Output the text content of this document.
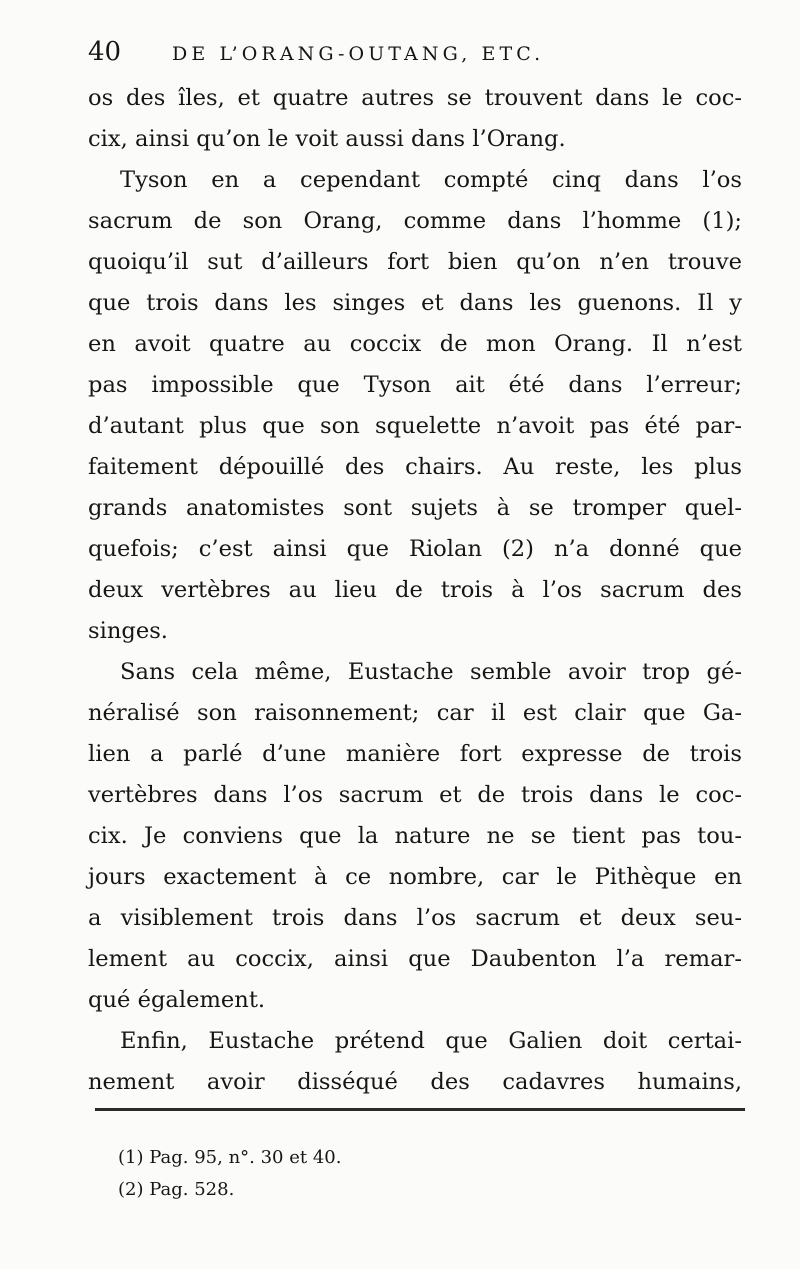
40	DE L’ORANG-OUTANG, ETC.
os des îles, et quatre autres se trouvent dans le coc-
cix, ainsi qu’on le voit aussi dans l’Orang.
Tyson en a cependant compté cinq dans l’os
sacrum de son Orang, comme dans l’homme (1);
quoiqu’il sut d’ailleurs fort bien qu’on n’en trouve
que trois dans les singes et dans les guenons. Il y
en avoit quatre au coccix de mon Orang. Il n’est
pas impossible que Tyson ait été dans l’erreur;
d’autant plus que son squelette n’avoit pas été par-
faitement dépouillé des chairs. Au reste, les plus
grands anatomistes sont sujets à se tromper quel-
quefois; c’est ainsi que Riolan (2) n’a donné que
deux vertèbres au lieu de trois à l’os sacrum des
singes.
Sans cela même, Eustache semble avoir trop gé-
néralisé son raisonnement; car il est clair que Ga-
lien a parlé d’une manière fort expresse de trois
vertèbres dans l’os sacrum et de trois dans le coc-
cix. Je conviens que la nature ne se tient pas tou-
jours exactement à ce nombre, car le Pithèque en
a visiblement trois dans l’os sacrum et deux seu-
lement au coccix, ainsi que Daubenton l’a remar-
qué également.
Enfin, Eustache prétend que Galien doit certai-
nement avoir disséqué des cadavres humains,
(1) Pag. 95, n°. 30 et 40.
(2) Pag. 528.
